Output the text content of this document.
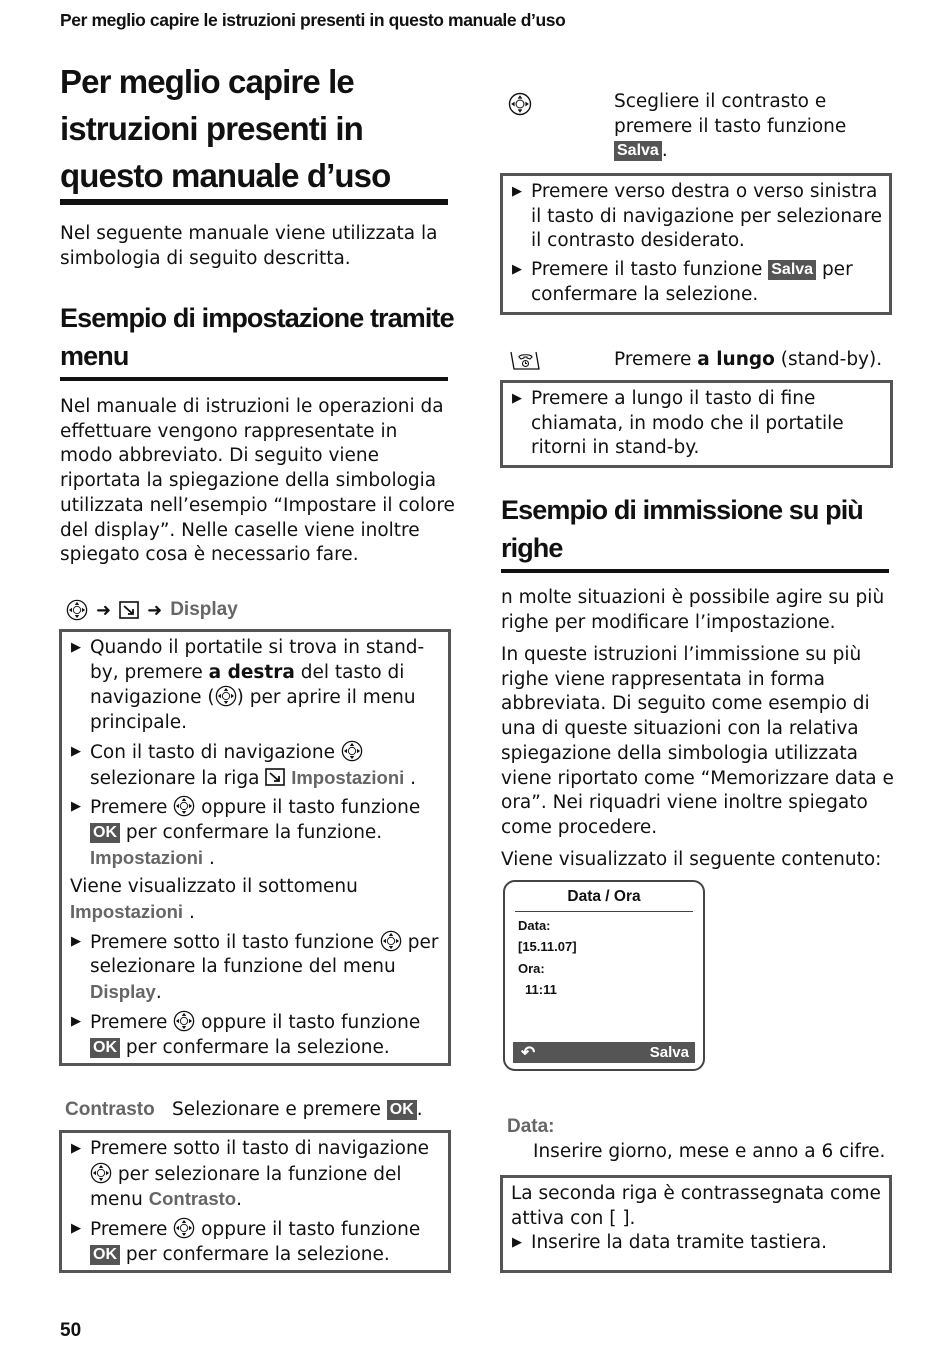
Per meglio capire le istruzioni presenti in questo manuale d’uso
Per meglio capire le istruzioni presenti in questo manuale d’uso
Nel seguente manuale viene utilizzata la simbologia di seguito descritta.
Esempio di impostazione tramite menu
Nel manuale di istruzioni le operazioni da effettuare vengono rappresentate in modo abbreviato. Di seguito viene riportata la spiegazione della simbologia utilizzata nell’esempio “Impostare il colore del display”. Nelle caselle viene inoltre spiegato cosa è necessario fare.
➜ ➜ Display
▶ Quando il portatile si trova in stand-by, premere a destra del tasto di navigazione ( ) per aprire il menu principale.
▶ Con il tasto di navigazione  selezionare la riga  Impostazioni .
▶ Premere  oppure il tasto funzione
OK per confermare la funzione.
Impostazioni .
Viene visualizzato il sottomenu
Impostazioni .
▶ Premere sotto il tasto funzione  per selezionare la funzione del menu Display.
▶ Premere  oppure il tasto funzione
OK per confermare la selezione.
Contrasto Selezionare e premere OK .
▶ Premere sotto il tasto di navigazione
per selezionare la funzione del menu Contrasto.
▶ Premere  oppure il tasto funzione
OK per confermare la selezione.
50
Scegliere il contrasto e premere il tasto funzione Salva .
▶ Premere verso destra o verso sinistra il tasto di navigazione per selezionare il contrasto desiderato.
▶ Premere il tasto funzione Salva per confermare la selezione.
Premere a lungo (stand-by).
▶ Premere a lungo il tasto di fine chiamata, in modo che il portatile ritorni in stand-by.
Esempio di immissione su più righe
n molte situazioni è possibile agire su più righe per modificare l’impostazione.
In queste istruzioni l’immissione su più righe viene rappresentata in forma abbreviata. Di seguito come esempio di una di queste situazioni con la relativa spiegazione della simbologia utilizzata viene riportato come “Memorizzare data e ora”. Nei riquadri viene inoltre spiegato come procedere.
Viene visualizzato il seguente contenuto:
Data / Ora
Data:
[15.11.07]
Ora:
11:11
↶	Salva
Data:
Inserire giorno, mese e anno a 6 cifre.
La seconda riga è contrassegnata come attiva con [ ].
▶ Inserire la data tramite tastiera.
